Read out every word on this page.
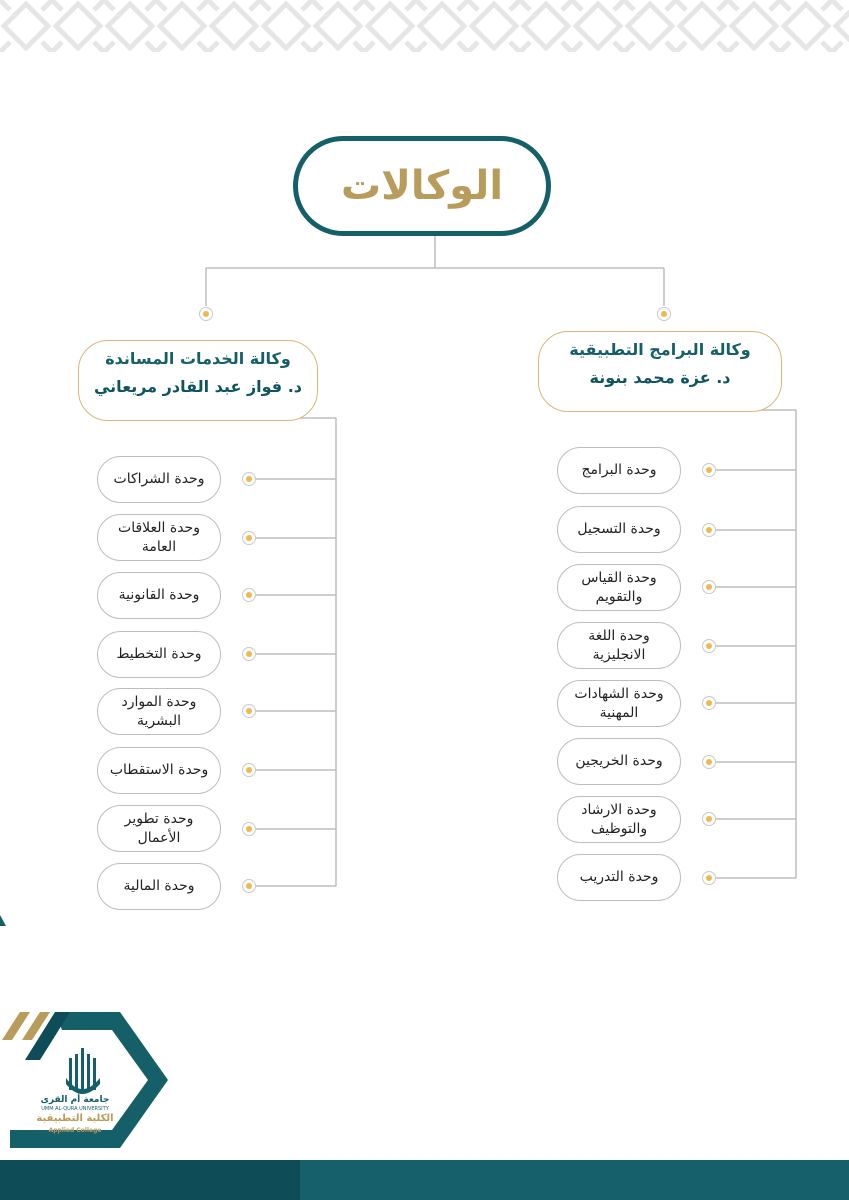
الوكالات
وكالة البرامج التطبيقية
د. عزة محمد بنونة
وكالة الخدمات المساندة
د. فواز عبد القادر مريعاني
وحدة الشراكات
وحدة العلاقات العامة
وحدة القانونية
وحدة التخطيط
وحدة الموارد البشرية
وحدة الاستقطاب
وحدة تطوير الأعمال
وحدة المالية
وحدة البرامج
وحدة التسجيل
وحدة القياس والتقويم
وحدة اللغة الانجليزية
وحدة الشهادات المهنية
وحدة الخريجين
وحدة الارشاد والتوظيف
وحدة التدريب
جامعة أم القرى
UMM AL-QURA UNIVERSITY
الكلية التطبيقية
Applied College
